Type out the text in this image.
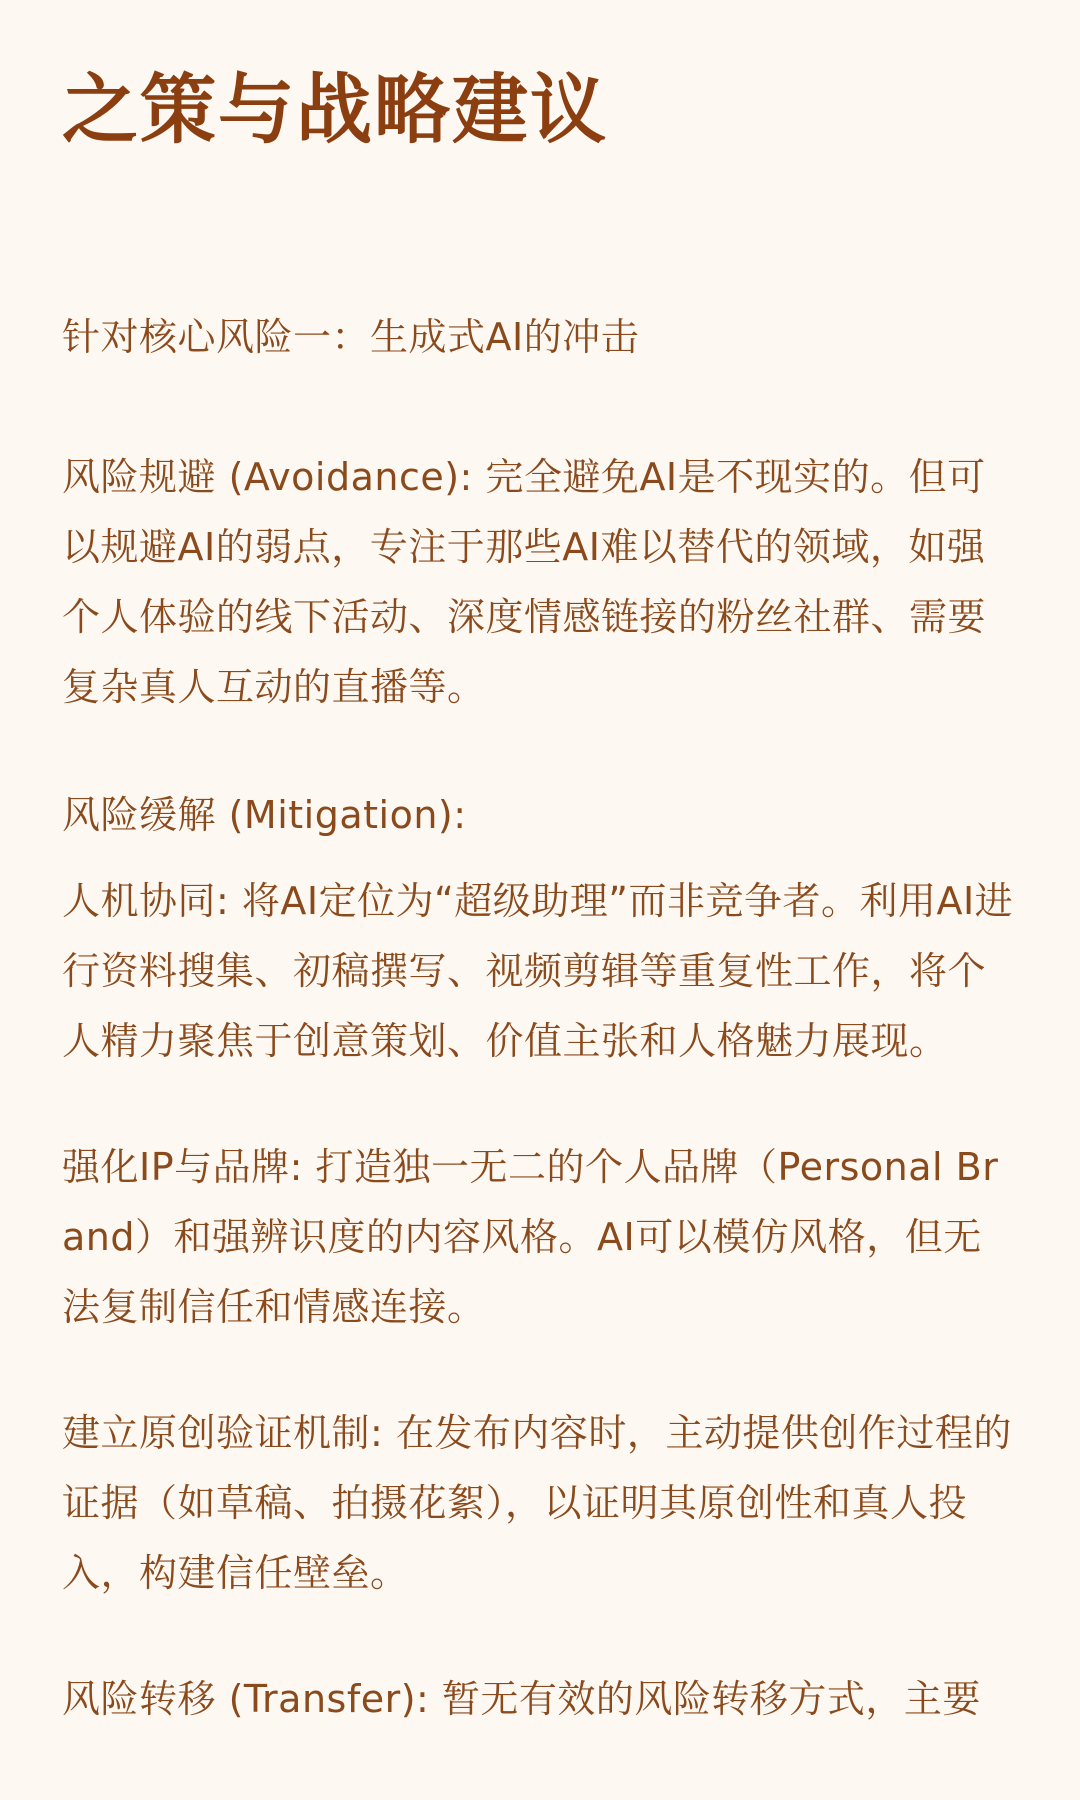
之策与战略建议

针对核心风险一：生成式AI的冲击

风险规避 (Avoidance): 完全避免AI是不现实的。但可以规避AI的弱点，专注于那些AI难以替代的领域，如强个人体验的线下活动、深度情感链接的粉丝社群、需要复杂真人互动的直播等。

风险缓解 (Mitigation):

人机协同: 将AI定位为“超级助理”而非竞争者。利用AI进行资料搜集、初稿撰写、视频剪辑等重复性工作，将个人精力聚焦于创意策划、价值主张和人格魅力展现。

强化IP与品牌: 打造独一无二的个人品牌（Personal Brand）和强辨识度的内容风格。AI可以模仿风格，但无法复制信任和情感连接。

建立原创验证机制: 在发布内容时，主动提供创作过程的证据（如草稿、拍摄花絮），以证明其原创性和真人投入，构建信任壁垒。

风险转移 (Transfer): 暂无有效的风险转移方式，主要
